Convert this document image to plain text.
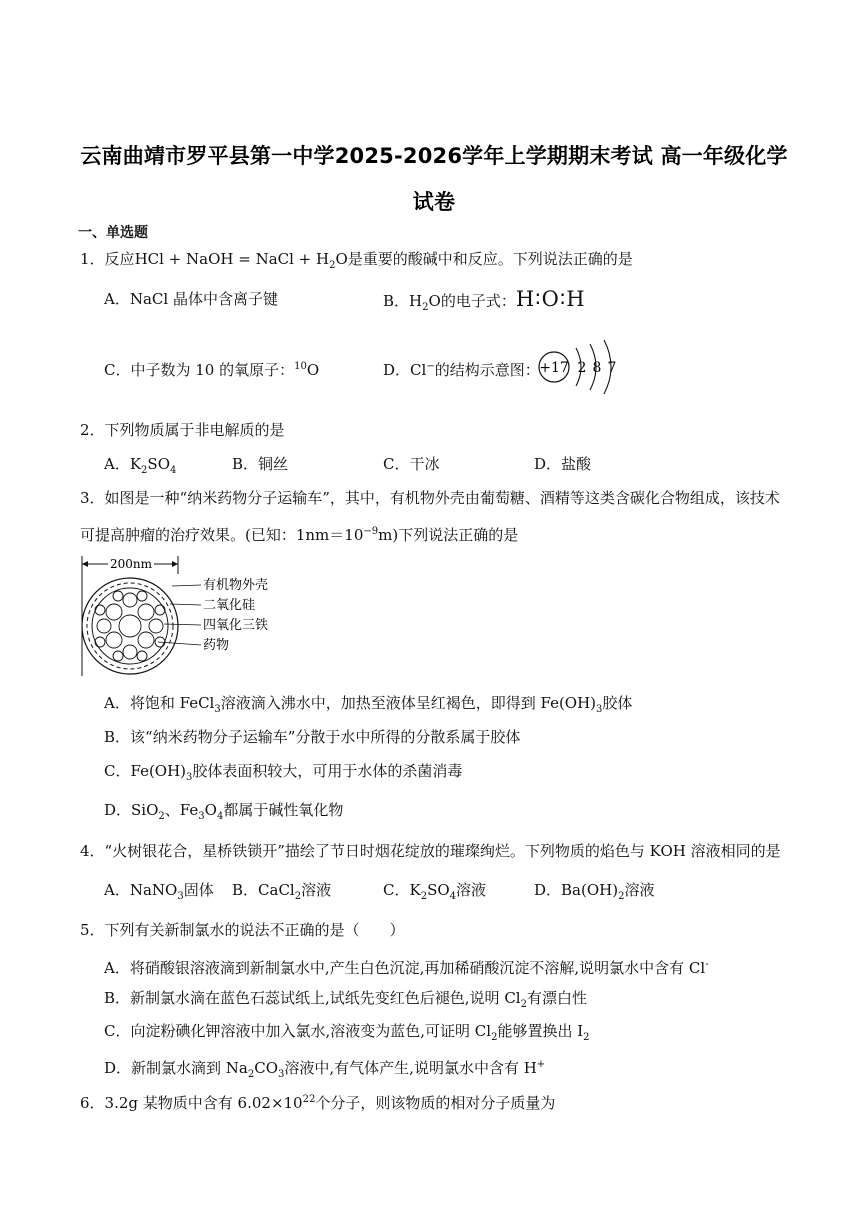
云南曲靖市罗平县第一中学2025-2026学年上学期期末考试 高一年级化学
试卷
一、单选题
1．反应HCl + NaOH = NaCl + $H_2O$是重要的酸碱中和反应。下列说法正确的是
A．NaCl 晶体中含离子键	B．$H_2O$的电子式：H∶O∶H
C．中子数为 10 的氧原子：$^{10}$O	D．Cl−的结构示意图： +17 2 8 7
2．下列物质属于非电解质的是
A．$K_2SO_4$	B．铜丝	C．干冰	D．盐酸
3．如图是一种“纳米药物分子运输车”，其中，有机物外壳由葡萄糖、酒精等这类含碳化合物组成，该技术
可提高肿瘤的治疗效果。(已知：$1nm=10^{-9}m$)下列说法正确的是
200nm
有机物外壳
二氧化硅
四氧化三铁
药物
A．将饱和 FeCl$_3$溶液滴入沸水中，加热至液体呈红褐色，即得到 $Fe(OH)_3$胶体
B．该“纳米药物分子运输车”分散于水中所得的分散系属于胶体
C．$Fe(OH)_3$胶体表面积较大，可用于水体的杀菌消毒
D．SiO$_2$、$Fe_3O_4$都属于碱性氧化物
4．“火树银花合，星桥铁锁开”描绘了节日时烟花绽放的璀璨绚烂。下列物质的焰色与 KOH 溶液相同的是
A．NaNO$_3$固体 B．CaCl$_2$溶液	C．$K_2SO_4$溶液	D．$Ba(OH)_2$溶液
5．下列有关新制氯水的说法不正确的是（　　）
A．将硝酸银溶液滴到新制氯水中,产生白色沉淀,再加稀硝酸沉淀不溶解,说明氯水中含有 Cl-
B．新制氯水滴在蓝色石蕊试纸上,试纸先变红色后褪色,说明 $Cl_2$有漂白性
C．向淀粉碘化钾溶液中加入氯水,溶液变为蓝色,可证明 $Cl_2$能够置换出 $I_2$
D．新制氯水滴到 $Na_2CO_3$溶液中,有气体产生,说明氯水中含有 H+
6．3.2g 某物质中含有 $6.02\times 10^{22}$个分子，则该物质的相对分子质量为
